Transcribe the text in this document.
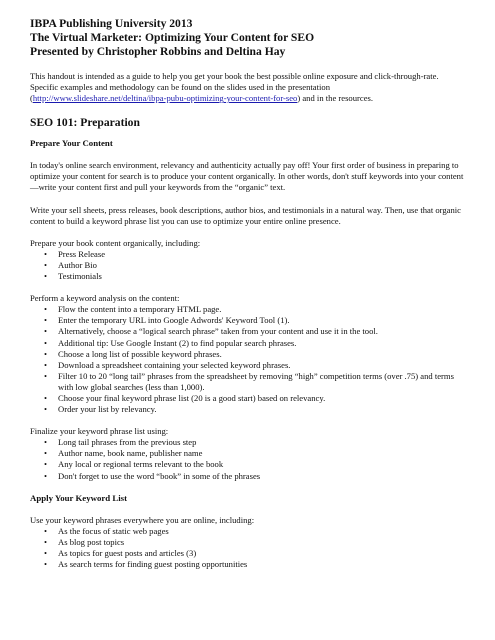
IBPA Publishing University 2013

The Virtual Marketer: Optimizing Your Content for SEO

Presented by Christopher Robbins and Deltina Hay

This handout is intended as a guide to help you get your book the best possible online exposure and click-through-rate. Specific examples and methodology can be found on the slides used in the presentation (http://www.slideshare.net/deltina/ibpa-pubu-optimizing-your-content-for-seo) and in the resources.

SEO 101: Preparation
Prepare Your Content

In today's online search environment, relevancy and authenticity actually pay off! Your first order of business in preparing to optimize your content for search is to produce your content organically. In other words, don't stuff keywords into your content—write your content first and pull your keywords from the “organic” text.

Write your sell sheets, press releases, book descriptions, author bios, and testimonials in a natural way. Then, use that organic content to build a keyword phrase list you can use to optimize your entire online presence.

Prepare your book content organically, including:

• Press Release
• Author Bio
• Testimonials

Perform a keyword analysis on the content:

• Flow the content into a temporary HTML page.
• Enter the temporary URL into Google Adwords' Keyword Tool (1).
• Alternatively, choose a “logical search phrase” taken from your content and use it in the tool.
• Additional tip: Use Google Instant (2) to find popular search phrases.
• Choose a long list of possible keyword phrases.
• Download a spreadsheet containing your selected keyword phrases.
• Filter 10 to 20 “long tail” phrases from the spreadsheet by removing “high” competition terms (over .75) and terms with low global searches (less than 1,000).
• Choose your final keyword phrase list (20 is a good start) based on relevancy.
• Order your list by relevancy.

Finalize your keyword phrase list using:

• Long tail phrases from the previous step
• Author name, book name, publisher name
• Any local or regional terms relevant to the book
• Don't forget to use the word “book” in some of the phrases
Apply Your Keyword List

Use your keyword phrases everywhere you are online, including:

• As the focus of static web pages
• As blog post topics
• As topics for guest posts and articles (3)
• As search terms for finding guest posting opportunities
